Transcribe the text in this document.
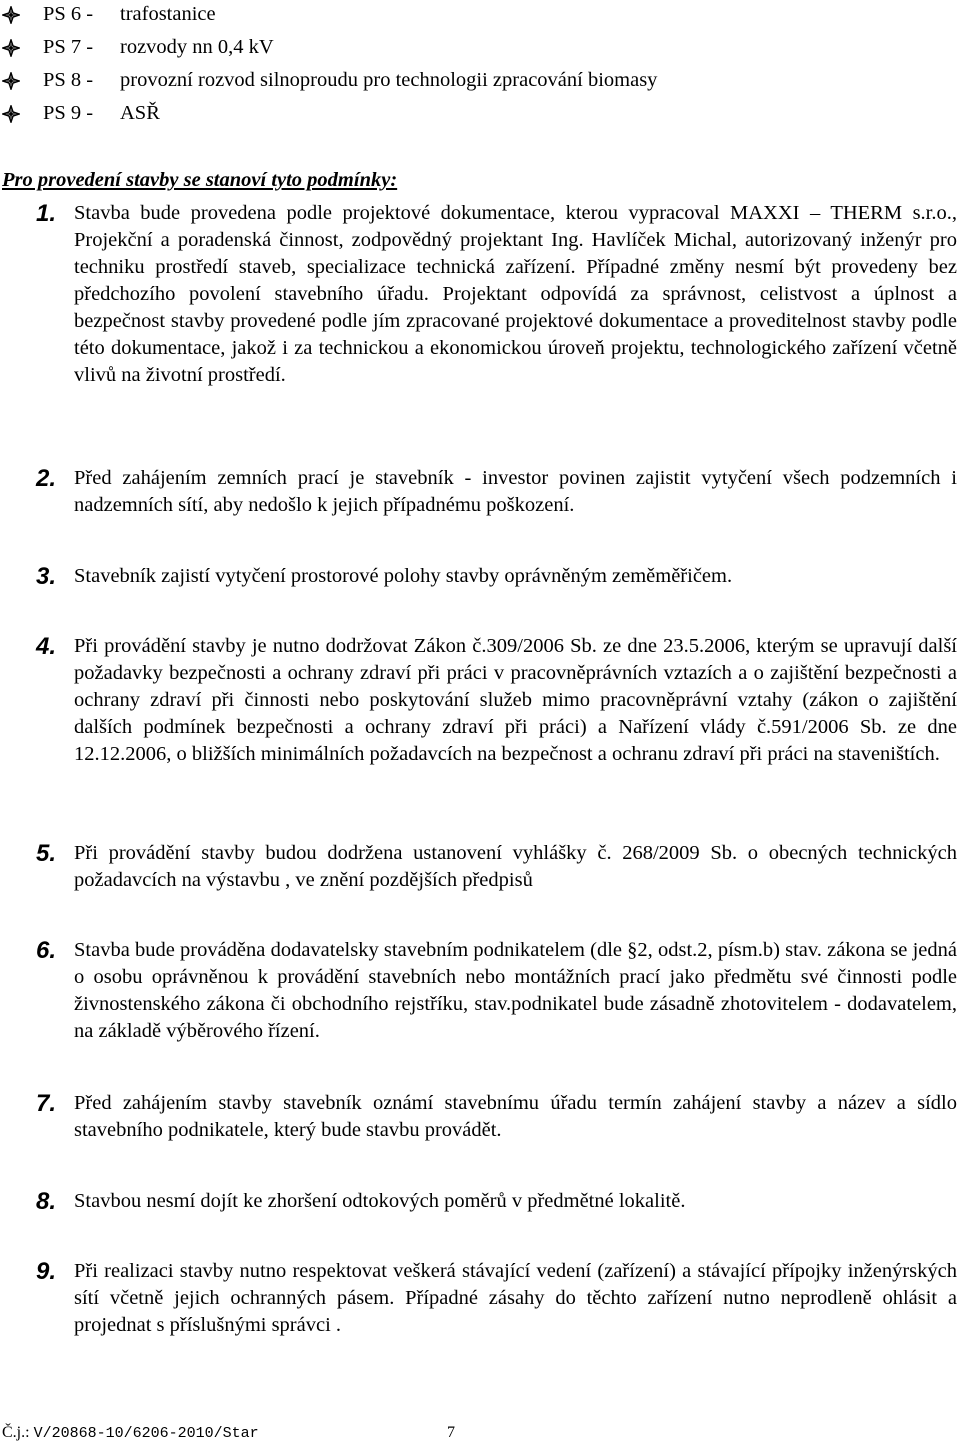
PS 6 - trafostanice
PS 7 - rozvody nn 0,4 kV
PS 8 - provozní rozvod silnoproudu pro technologii zpracování biomasy
PS 9 - ASŘ
Pro provedení stavby se stanoví tyto podmínky:
1. Stavba bude provedena podle projektové dokumentace, kterou vypracoval MAXXI – THERM s.r.o., Projekční a poradenská činnost, zodpovědný projektant Ing. Havlíček Michal, autorizovaný inženýr pro techniku prostředí staveb, specializace technická zařízení. Případné změny nesmí být provedeny bez předchozího povolení stavebního úřadu. Projektant odpovídá za správnost, celistvost a úplnost a bezpečnost stavby provedené podle jím zpracované projektové dokumentace a proveditelnost stavby podle této dokumentace, jakož i za technickou a ekonomickou úroveň projektu, technologického zařízení včetně vlivů na životní prostředí.
2. Před zahájením zemních prací je stavebník - investor povinen zajistit vytyčení všech podzemních i nadzemních sítí, aby nedošlo k jejich případnému poškození.
3. Stavebník zajistí vytyčení prostorové polohy stavby oprávněným zeměměřičem.
4. Při provádění stavby je nutno dodržovat Zákon č.309/2006 Sb. ze dne 23.5.2006, kterým se upravují další požadavky bezpečnosti a ochrany zdraví při práci v pracovněprávních vztazích a o zajištění bezpečnosti a ochrany zdraví při činnosti nebo poskytování služeb mimo pracovněprávní vztahy (zákon o zajištění dalších podmínek bezpečnosti a ochrany zdraví při práci) a Nařízení vlády č.591/2006 Sb. ze dne 12.12.2006, o bližších minimálních požadavcích na bezpečnost a ochranu zdraví při práci na staveništích.
5. Při provádění stavby budou dodržena ustanovení vyhlášky č. 268/2009 Sb. o obecných technických požadavcích na výstavbu , ve znění pozdějších předpisů
6. Stavba bude prováděna dodavatelsky stavebním podnikatelem (dle §2, odst.2, písm.b) stav. zákona se jedná o osobu oprávněnou k provádění stavebních nebo montážních prací jako předmětu své činnosti podle živnostenského zákona či obchodního rejstříku, stav.podnikatel bude zásadně zhotovitelem - dodavatelem, na základě výběrového řízení.
7. Před zahájením stavby stavebník oznámí stavebnímu úřadu termín zahájení stavby a název a sídlo stavebního podnikatele, který bude stavbu provádět.
8. Stavbou nesmí dojít ke zhoršení odtokových poměrů v předmětné lokalitě.
9. Při realizaci stavby nutno respektovat veškerá stávající vedení (zařízení) a stávající přípojky inženýrských sítí včetně jejich ochranných pásem. Případné zásahy do těchto zařízení nutno neprodleně ohlásit a projednat s příslušnými správci .
Č.j.: V/20868-10/6206-2010/Star	7
